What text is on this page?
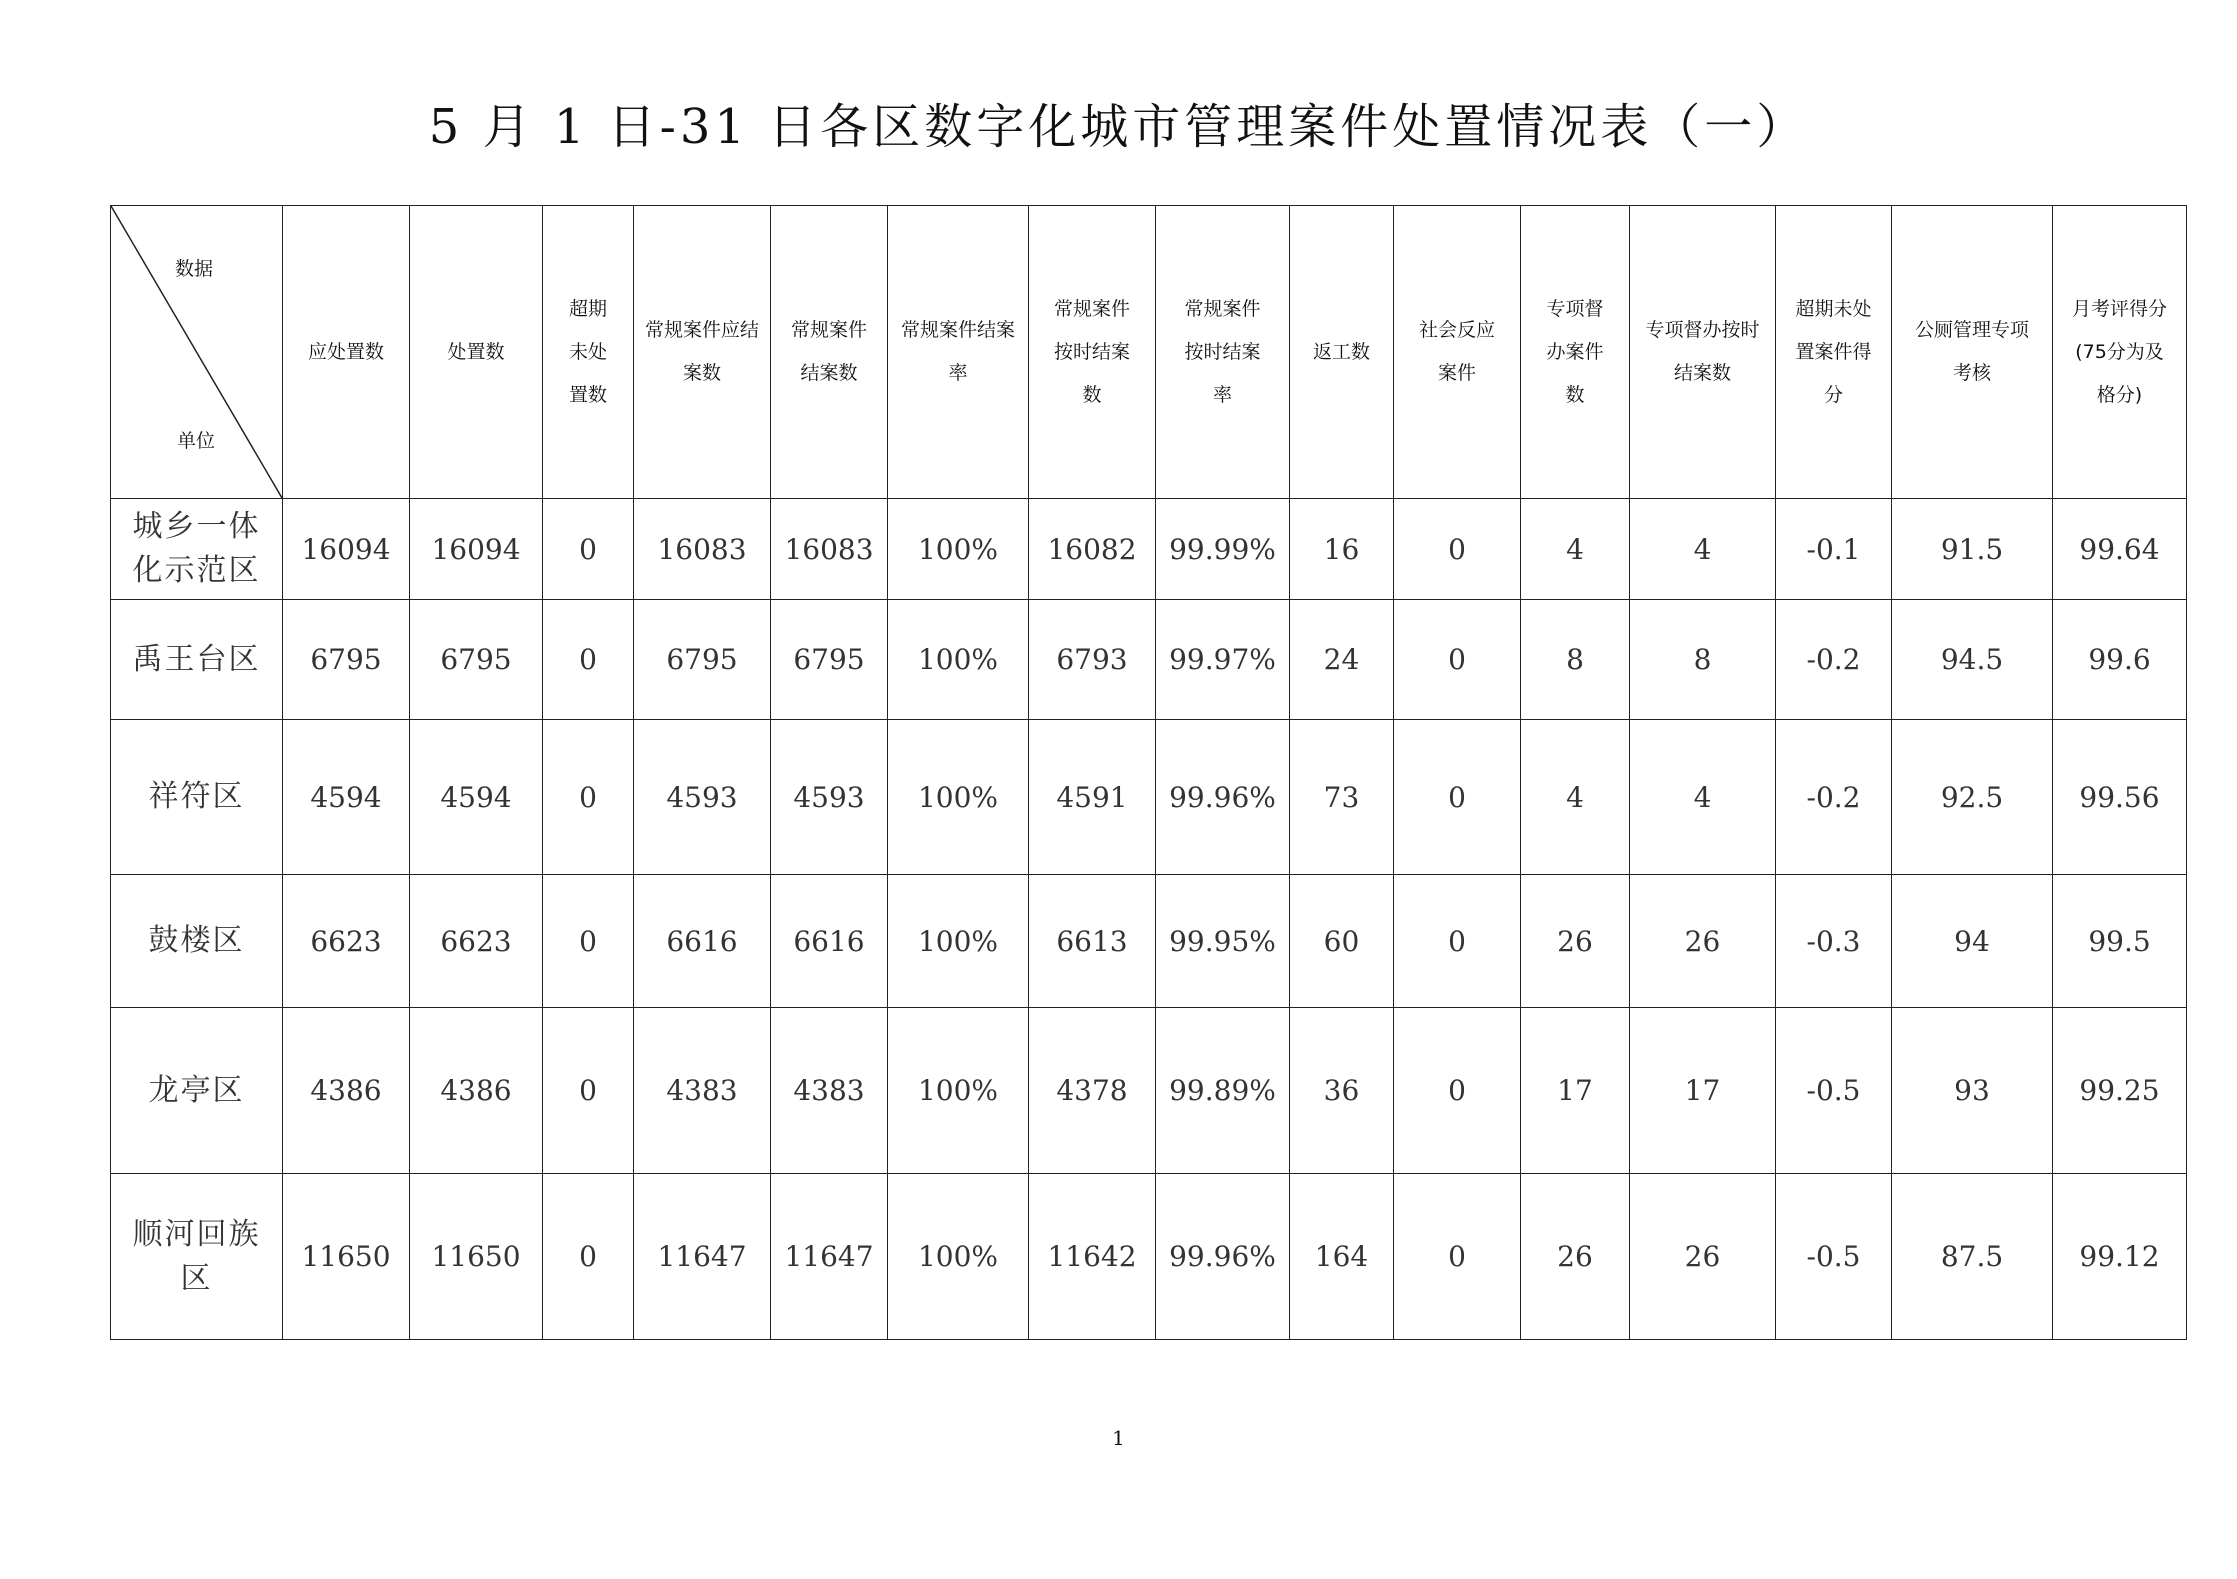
5 月 1 日-31 日各区数字化城市管理案件处置情况表（一）
数据
单位	应处置数	处置数	超期未处置数	常规案件应结案数	常规案件结案数	常规案件结案率	常规案件按时结案数	常规案件按时结案率	返工数	社会反应案件	专项督办案件数	专项督办按时结案数	超期未处置案件得分	公厕管理专项考核	月考评得分(75分为及格分)
城乡一体化示范区	16094	16094	0	16083	16083	100%	16082	99.99%	16	0	4	4	-0.1	91.5	99.64
禹王台区	6795	6795	0	6795	6795	100%	6793	99.97%	24	0	8	8	-0.2	94.5	99.6
祥符区	4594	4594	0	4593	4593	100%	4591	99.96%	73	0	4	4	-0.2	92.5	99.56
鼓楼区	6623	6623	0	6616	6616	100%	6613	99.95%	60	0	26	26	-0.3	94	99.5
龙亭区	4386	4386	0	4383	4383	100%	4378	99.89%	36	0	17	17	-0.5	93	99.25
顺河回族区	11650	11650	0	11647	11647	100%	11642	99.96%	164	0	26	26	-0.5	87.5	99.12
1
